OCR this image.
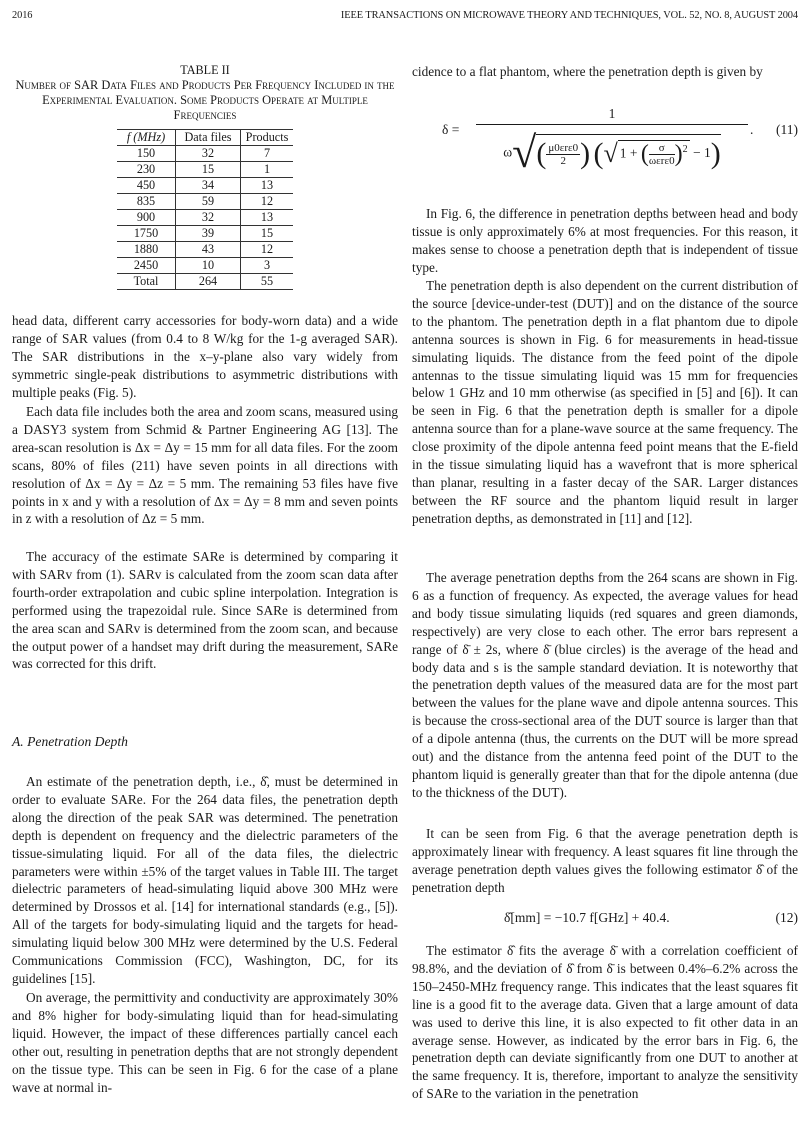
2016	IEEE TRANSACTIONS ON MICROWAVE THEORY AND TECHNIQUES, VOL. 52, NO. 8, AUGUST 2004
TABLE II
Number of SAR Data Files and Products Per Frequency Included in the Experimental Evaluation. Some Products Operate at Multiple Frequencies
f (MHz)	Data files	Products
150	32	7
230	15	1
450	34	13
835	59	12
900	32	13
1750	39	15
1880	43	12
2450	10	3
Total	264	55

head data, different carry accessories for body-worn data) and a wide range of SAR values (from 0.4 to 8 W/kg for the 1-g averaged SAR). The SAR distributions in the x–y-plane also vary widely from symmetric single-peak distributions to asymmetric distributions with multiple peaks (Fig. 5).

Each data file includes both the area and zoom scans, measured using a DASY3 system from Schmid & Partner Engineering AG [13]. The area-scan resolution is Δx = Δy = 15 mm for all data files. For the zoom scans, 80% of files (211) have seven points in all directions with resolution of Δx = Δy = Δz = 5 mm. The remaining 53 files have five points in x and y with a resolution of Δx = Δy = 8 mm and seven points in z with a resolution of Δz = 5 mm.

The accuracy of the estimate SARe is determined by comparing it with SARv from (1). SARv is calculated from the zoom scan data after fourth-order extrapolation and cubic spline interpolation. Integration is performed using the trapezoidal rule. Since SARe is determined from the area scan and SARv is determined from the zoom scan, and because the output power of a handset may drift during the measurement, SARe was corrected for this drift.

A. Penetration Depth

An estimate of the penetration depth, i.e., δ̂, must be determined in order to evaluate SARe. For the 264 data files, the penetration depth along the direction of the peak SAR was determined. The penetration depth is dependent on frequency and the dielectric parameters of the tissue-simulating liquid. For all of the data files, the dielectric parameters were within ±5% of the target values in Table III. The target dielectric parameters of head-simulating liquid above 300 MHz were determined by Drossos et al. [14] for international standards (e.g., [5]). All of the targets for body-simulating liquid and the targets for head-simulating liquid below 300 MHz were determined by the U.S. Federal Communications Commission (FCC), Washington, DC, for its guidelines [15].

On average, the permittivity and conductivity are approximately 30% and 8% higher for body-simulating liquid than for head-simulating liquid. However, the impact of these differences partially cancel each other out, resulting in penetration depths that are not strongly dependent on the tissue type. This can be seen in Fig. 6 for the case of a plane wave at normal in-

cidence to a flat phantom, where the penetration depth is given by

δ =
1
$\omega√( \frac{\text{μ0εrε0}}{2}$ ) (√ 1 + ( $\frac{\sigma}{\text{ωεrε0}} )^2 - 1$)
. (11)

In Fig. 6, the difference in penetration depths between head and body tissue is only approximately 6% at most frequencies. For this reason, it makes sense to choose a penetration depth that is independent of tissue type.

The penetration depth is also dependent on the current distribution of the source [device-under-test (DUT)] and on the distance of the source to the phantom. The penetration depth in a flat phantom due to dipole antenna sources is shown in Fig. 6 for measurements in head-tissue simulating liquids. The distance from the feed point of the dipole antennas to the tissue simulating liquid was 15 mm for frequencies below 1 GHz and 10 mm otherwise (as specified in [5] and [6]). It can be seen in Fig. 6 that the penetration depth is smaller for a dipole antenna source than for a plane-wave source at the same frequency. The close proximity of the dipole antenna feed point means that the E-field in the tissue simulating liquid has a wavefront that is more spherical than planar, resulting in a faster decay of the SAR. Larger distances between the RF source and the phantom liquid result in larger penetration depths, as demonstrated in [11] and [12].

The average penetration depths from the 264 scans are shown in Fig. 6 as a function of frequency. As expected, the average values for head and body tissue simulating liquids (red squares and green diamonds, respectively) are very close to each other. The error bars represent a range of δ̄ ± 2s, where δ̄ (blue circles) is the average of the head and body data and s is the sample standard deviation. It is noteworthy that the penetration depth values of the measured data are for the most part between the values for the plane wave and dipole antenna sources. This is because the cross-sectional area of the DUT source is larger than that of a dipole antenna (thus, the currents on the DUT will be more spread out) and the distance from the antenna feed point of the DUT to the phantom liquid is generally greater than that for the dipole antenna (due to the thickness of the DUT).

It can be seen from Fig. 6 that the average penetration depth is approximately linear with frequency. A least squares fit line through the average penetration depth values gives the following estimator δ̂ of the penetration depth

δ̂[mm] = −10.7 f[GHz] + 40.4.	(12)

The estimator δ̂ fits the average δ̄ with a correlation coefficient of 98.8%, and the deviation of δ̂ from δ̄ is between 0.4%–6.2% across the 150–2450-MHz frequency range. This indicates that the least squares fit line is a good fit to the average data. Given that a large amount of data was used to derive this line, it is also expected to fit other data in an average sense. However, as indicated by the error bars in Fig. 6, the penetration depth can deviate significantly from one DUT to another at the same frequency. It is, therefore, important to analyze the sensitivity of SARe to the variation in the penetration
